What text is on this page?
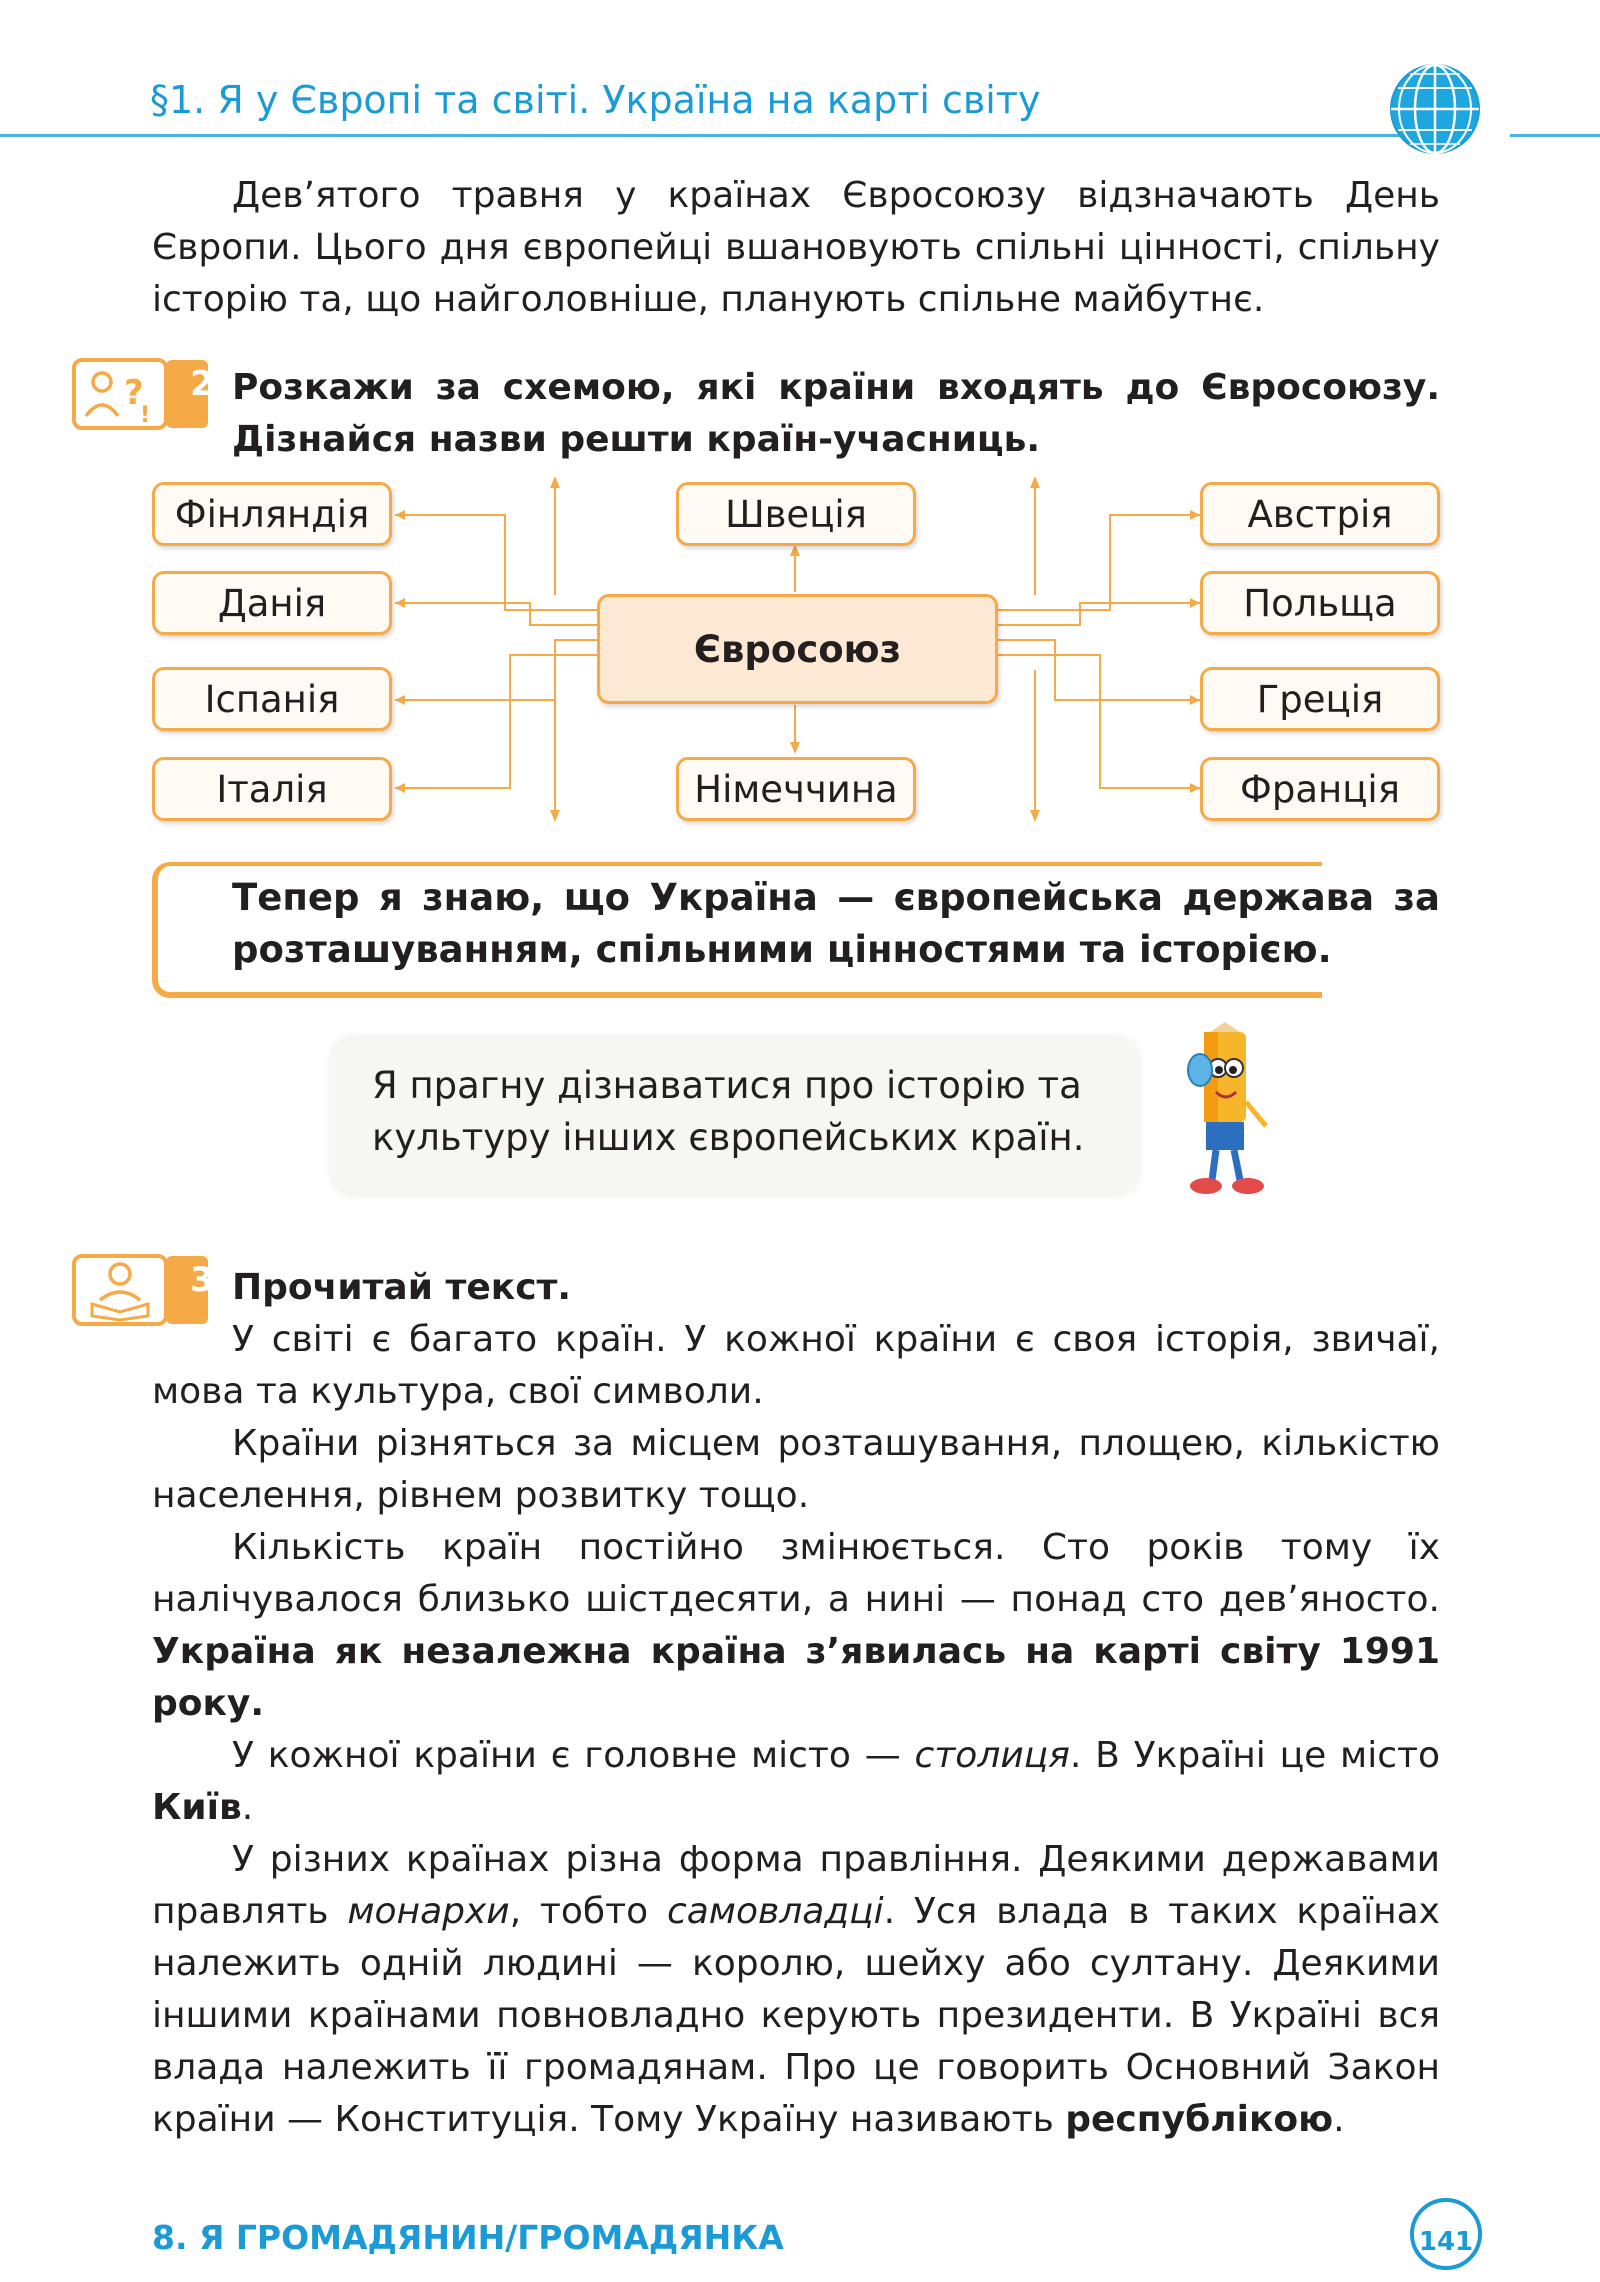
§1. Я у Європі та світі. Україна на карті світу

Дев’ятого травня у країнах Євросоюзу відзначають День Європи. Цього дня європейці вшановують спільні цінності, спільну історію та, що найголовніше, планують спільне майбутнє.

?
!
2 Розкажи за схемою, які країни входять до Євросоюзу. Дізнайся назви решти країн-учасниць.
Євросоюз
Фінляндія
Данія
Іспанія
Італія
Швеція
Німеччина
Австрія
Польща
Греція
Франція
Тепер я знаю, що Україна — європейська держава за розташуванням, спільними цінностями та історією.
Я прагну дізнаватися про історію та культуру інших європейських країн.
3 Прочитай текст.

У світі є багато країн. У кожної країни є своя історія, звичаї, мова та культура, свої символи.

Країни різняться за місцем розташування, площею, кількістю населення, рівнем розвитку тощо.

Кількість країн постійно змінюється. Сто років тому їх налічувалося близько шістдесяти, а нині — понад сто дев’яносто. Україна як незалежна країна з’явилась на карті світу 1991 року.

У кожної країни є головне місто — столиця. В Україні це місто Київ.

У різних країнах різна форма правління. Деякими державами правлять монархи, тобто самовладці. Уся влада в таких країнах належить одній людині — королю, шейху або султану. Деякими іншими країнами повновладно керують президенти. В Україні вся влада належить її громадянам. Про це говорить Основний Закон країни — Конституція. Тому Україну називають республікою.

8. Я ГРОМАДЯНИН/ГРОМАДЯНКА	141
